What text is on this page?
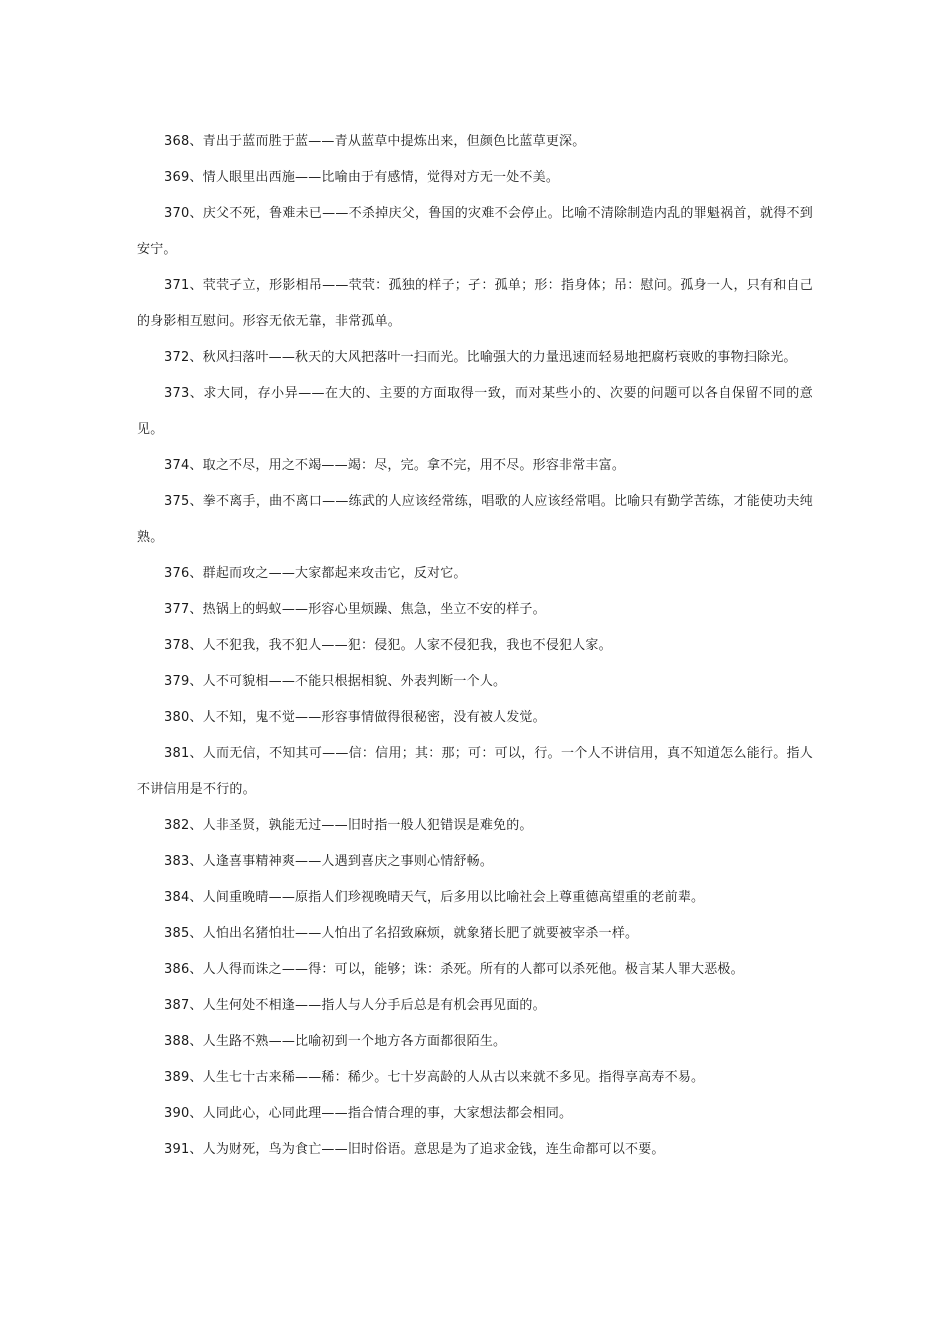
368、青出于蓝而胜于蓝——青从蓝草中提炼出来，但颜色比蓝草更深。

369、情人眼里出西施——比喻由于有感情，觉得对方无一处不美。

370、庆父不死，鲁难未已——不杀掉庆父，鲁国的灾难不会停止。比喻不清除制造内乱的罪魁祸首，就得不到安宁。

371、茕茕孑立，形影相吊——茕茕：孤独的样子；孑：孤单；形：指身体；吊：慰问。孤身一人，只有和自己的身影相互慰问。形容无依无靠，非常孤单。

372、秋风扫落叶——秋天的大风把落叶一扫而光。比喻强大的力量迅速而轻易地把腐朽衰败的事物扫除光。

373、求大同，存小异——在大的、主要的方面取得一致，而对某些小的、次要的问题可以各自保留不同的意见。

374、取之不尽，用之不竭——竭：尽，完。拿不完，用不尽。形容非常丰富。

375、拳不离手，曲不离口——练武的人应该经常练，唱歌的人应该经常唱。比喻只有勤学苦练，才能使功夫纯熟。

376、群起而攻之——大家都起来攻击它，反对它。

377、热锅上的蚂蚁——形容心里烦躁、焦急，坐立不安的样子。

378、人不犯我，我不犯人——犯：侵犯。人家不侵犯我，我也不侵犯人家。

379、人不可貌相——不能只根据相貌、外表判断一个人。

380、人不知，鬼不觉——形容事情做得很秘密，没有被人发觉。

381、人而无信，不知其可——信：信用；其：那；可：可以，行。一个人不讲信用，真不知道怎么能行。指人不讲信用是不行的。

382、人非圣贤，孰能无过——旧时指一般人犯错误是难免的。

383、人逢喜事精神爽——人遇到喜庆之事则心情舒畅。

384、人间重晚晴——原指人们珍视晚晴天气，后多用以比喻社会上尊重德高望重的老前辈。

385、人怕出名猪怕壮——人怕出了名招致麻烦，就象猪长肥了就要被宰杀一样。

386、人人得而诛之——得：可以，能够；诛：杀死。所有的人都可以杀死他。极言某人罪大恶极。

387、人生何处不相逢——指人与人分手后总是有机会再见面的。

388、人生路不熟——比喻初到一个地方各方面都很陌生。

389、人生七十古来稀——稀：稀少。七十岁高龄的人从古以来就不多见。指得享高寿不易。

390、人同此心，心同此理——指合情合理的事，大家想法都会相同。

391、人为财死，鸟为食亡——旧时俗语。意思是为了追求金钱，连生命都可以不要。
